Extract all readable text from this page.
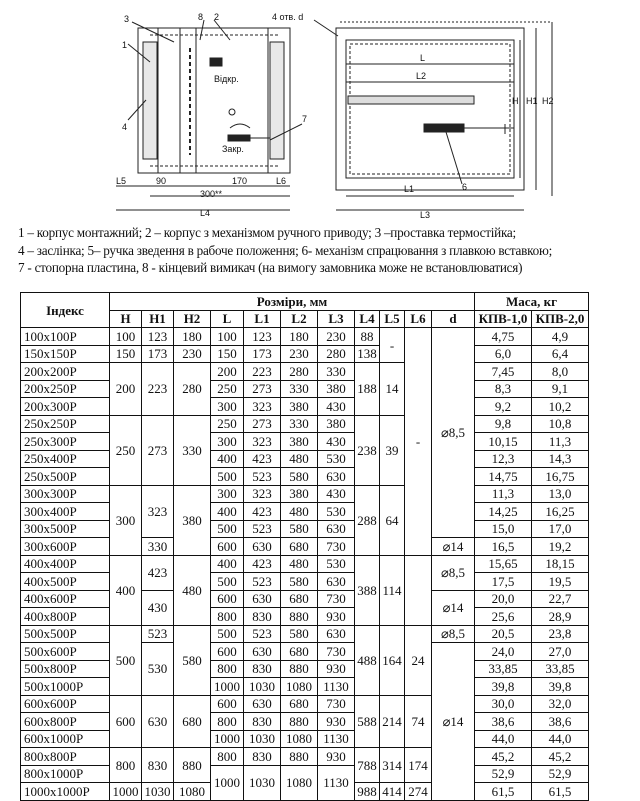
3
1
8 2
4
7
6
4 отв. d
Відкр.
Закр.
L5	90	170	L6
300**
L4
L
L2
L1
L3
H H1 H2
1 – корпус монтажний; 2 – корпус з механізмом ручного приводу; 3 –проставка термостійка;
4 – заслінка; 5– ручка зведення в рабоче положення; 6- механізм спрацювання з плавкою вставкою;
7 - стопорна пластина, 8 - кінцевий вимикач (на вимогу замовника може не встановлюватися)
Індекс	Розміри, мм											Маса, кг	
	H	H1	H2	L	L1	L2	L3	L4	L5	L6	d	КПВ-1,0	КПВ-2,0
100x100P	100	123	180	100	123	180	230	88	-	-	⌀8,5	4,75	4,9
150x150P	150	173	230	150	173	230	280	138				6,0	6,4
200x200P	200	223	280	200	223	280	330	188	14			7,45	8,0
200x250P				250	273	330	380					8,3	9,1
200x300P				300	323	380	430					9,2	10,2
250x250P	250	273	330	250	273	330	380	238	39			9,8	10,8
250x300P				300	323	380	430					10,15	11,3
250x400P				400	423	480	530					12,3	14,3
250x500P				500	523	580	630					14,75	16,75
300x300P	300	323	380	300	323	380	430	288	64			11,3	13,0
300x400P				400	423	480	530					14,25	16,25
300x500P				500	523	580	630					15,0	17,0
300x600P		330		600	630	680	730				⌀14	16,5	19,2
400x400P	400	423	480	400	423	480	530	388	114		⌀8,5	15,65	18,15
400x500P				500	523	580	630					17,5	19,5
400x600P		430		600	630	680	730				⌀14	20,0	22,7
400x800P				800	830	880	930					25,6	28,9
500x500P	500	523	580	500	523	580	630	488	164	24	⌀8,5	20,5	23,8
500x600P		530		600	630	680	730				⌀14	24,0	27,0
500x800P				800	830	880	930					33,85	33,85
500x1000P				1000	1030	1080	1130					39,8	39,8
600x600P	600	630	680	600	630	680	730	588	214	74		30,0	32,0
600x800P				800	830	880	930					38,6	38,6
600x1000P				1000	1030	1080	1130					44,0	44,0
800x800P	800	830	880	800	830	880	930	788	314	174		45,2	45,2
800x1000P				1000	1030	1080	1130					52,9	52,9
1000x1000P	1000	1030	1080					988	414	274		61,5	61,5
